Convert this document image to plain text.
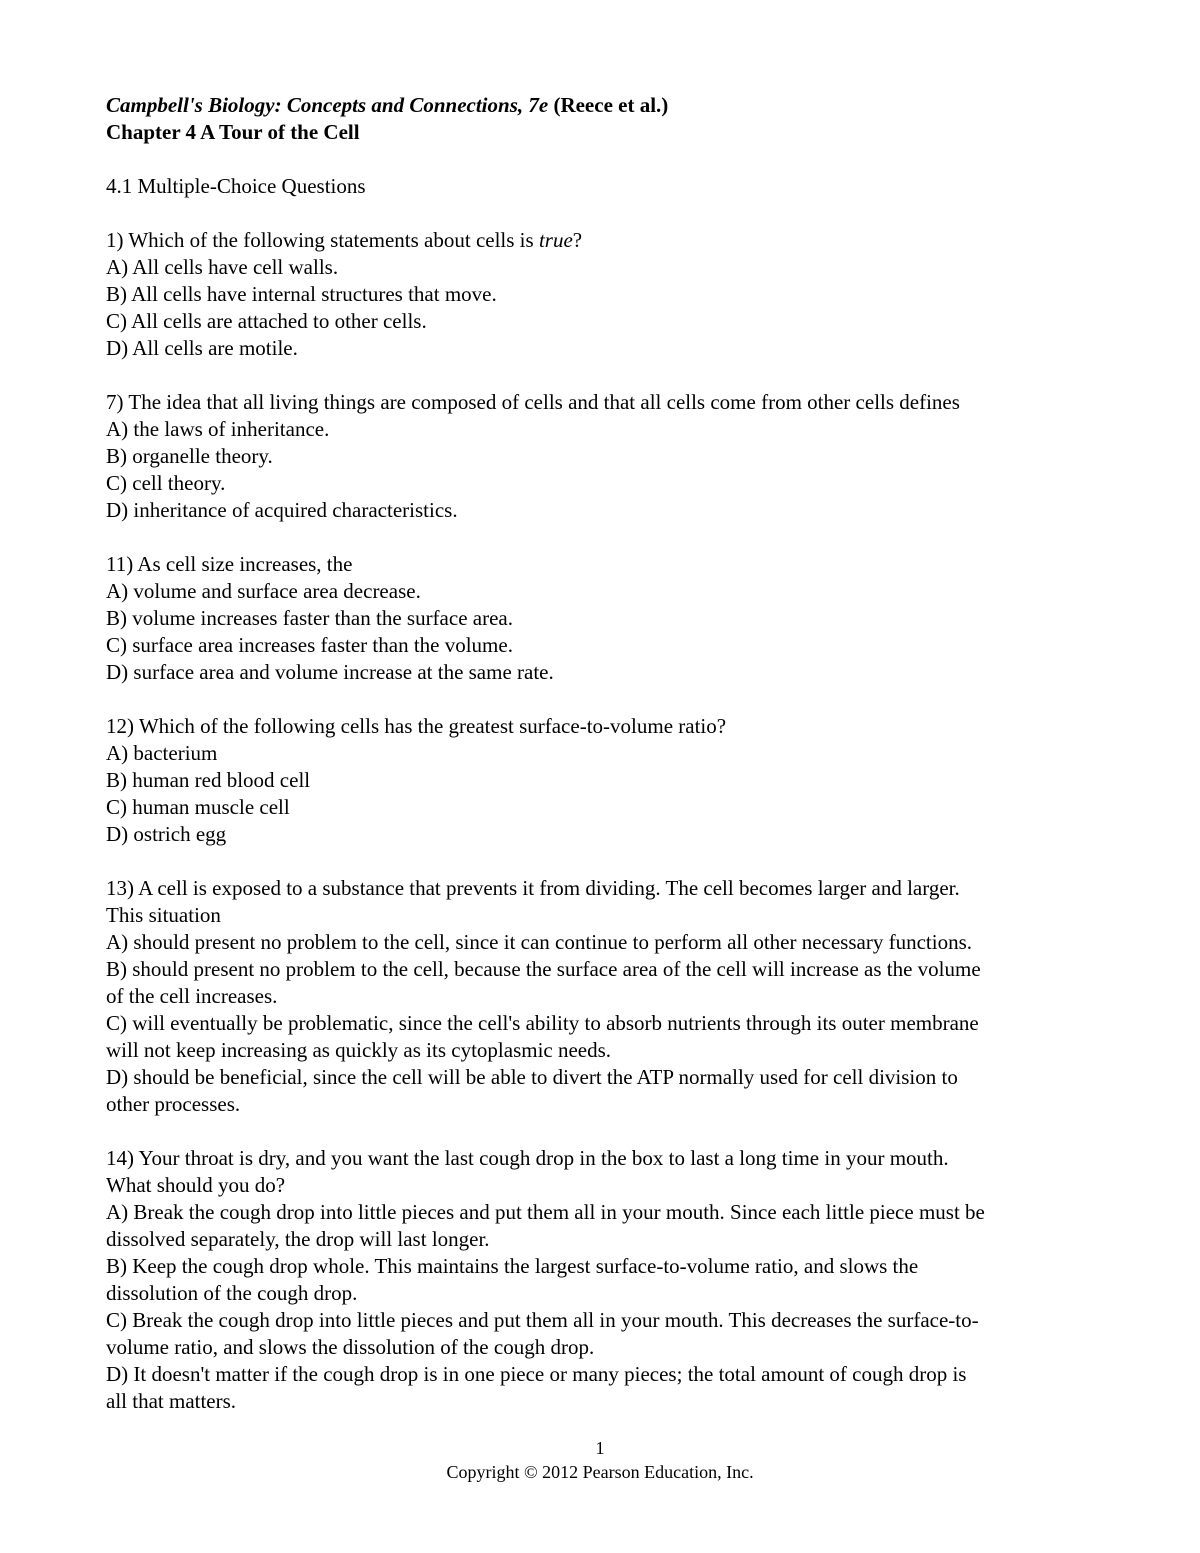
Campbell's Biology: Concepts and Connections, 7e (Reece et al.)
Chapter 4 A Tour of the Cell
4.1 Multiple-Choice Questions
1) Which of the following statements about cells is true?
A) All cells have cell walls.
B) All cells have internal structures that move.
C) All cells are attached to other cells.
D) All cells are motile.
7) The idea that all living things are composed of cells and that all cells come from other cells defines
A) the laws of inheritance.
B) organelle theory.
C) cell theory.
D) inheritance of acquired characteristics.
11) As cell size increases, the
A) volume and surface area decrease.
B) volume increases faster than the surface area.
C) surface area increases faster than the volume.
D) surface area and volume increase at the same rate.
12) Which of the following cells has the greatest surface-to-volume ratio?
A) bacterium
B) human red blood cell
C) human muscle cell
D) ostrich egg
13) A cell is exposed to a substance that prevents it from dividing. The cell becomes larger and larger.
This situation
A) should present no problem to the cell, since it can continue to perform all other necessary functions.
B) should present no problem to the cell, because the surface area of the cell will increase as the volume
of the cell increases.
C) will eventually be problematic, since the cell's ability to absorb nutrients through its outer membrane
will not keep increasing as quickly as its cytoplasmic needs.
D) should be beneficial, since the cell will be able to divert the ATP normally used for cell division to
other processes.
14) Your throat is dry, and you want the last cough drop in the box to last a long time in your mouth.
What should you do?
A) Break the cough drop into little pieces and put them all in your mouth. Since each little piece must be
dissolved separately, the drop will last longer.
B) Keep the cough drop whole. This maintains the largest surface-to-volume ratio, and slows the
dissolution of the cough drop.
C) Break the cough drop into little pieces and put them all in your mouth. This decreases the surface-to-
volume ratio, and slows the dissolution of the cough drop.
D) It doesn't matter if the cough drop is in one piece or many pieces; the total amount of cough drop is
all that matters.
1
Copyright © 2012 Pearson Education, Inc.
